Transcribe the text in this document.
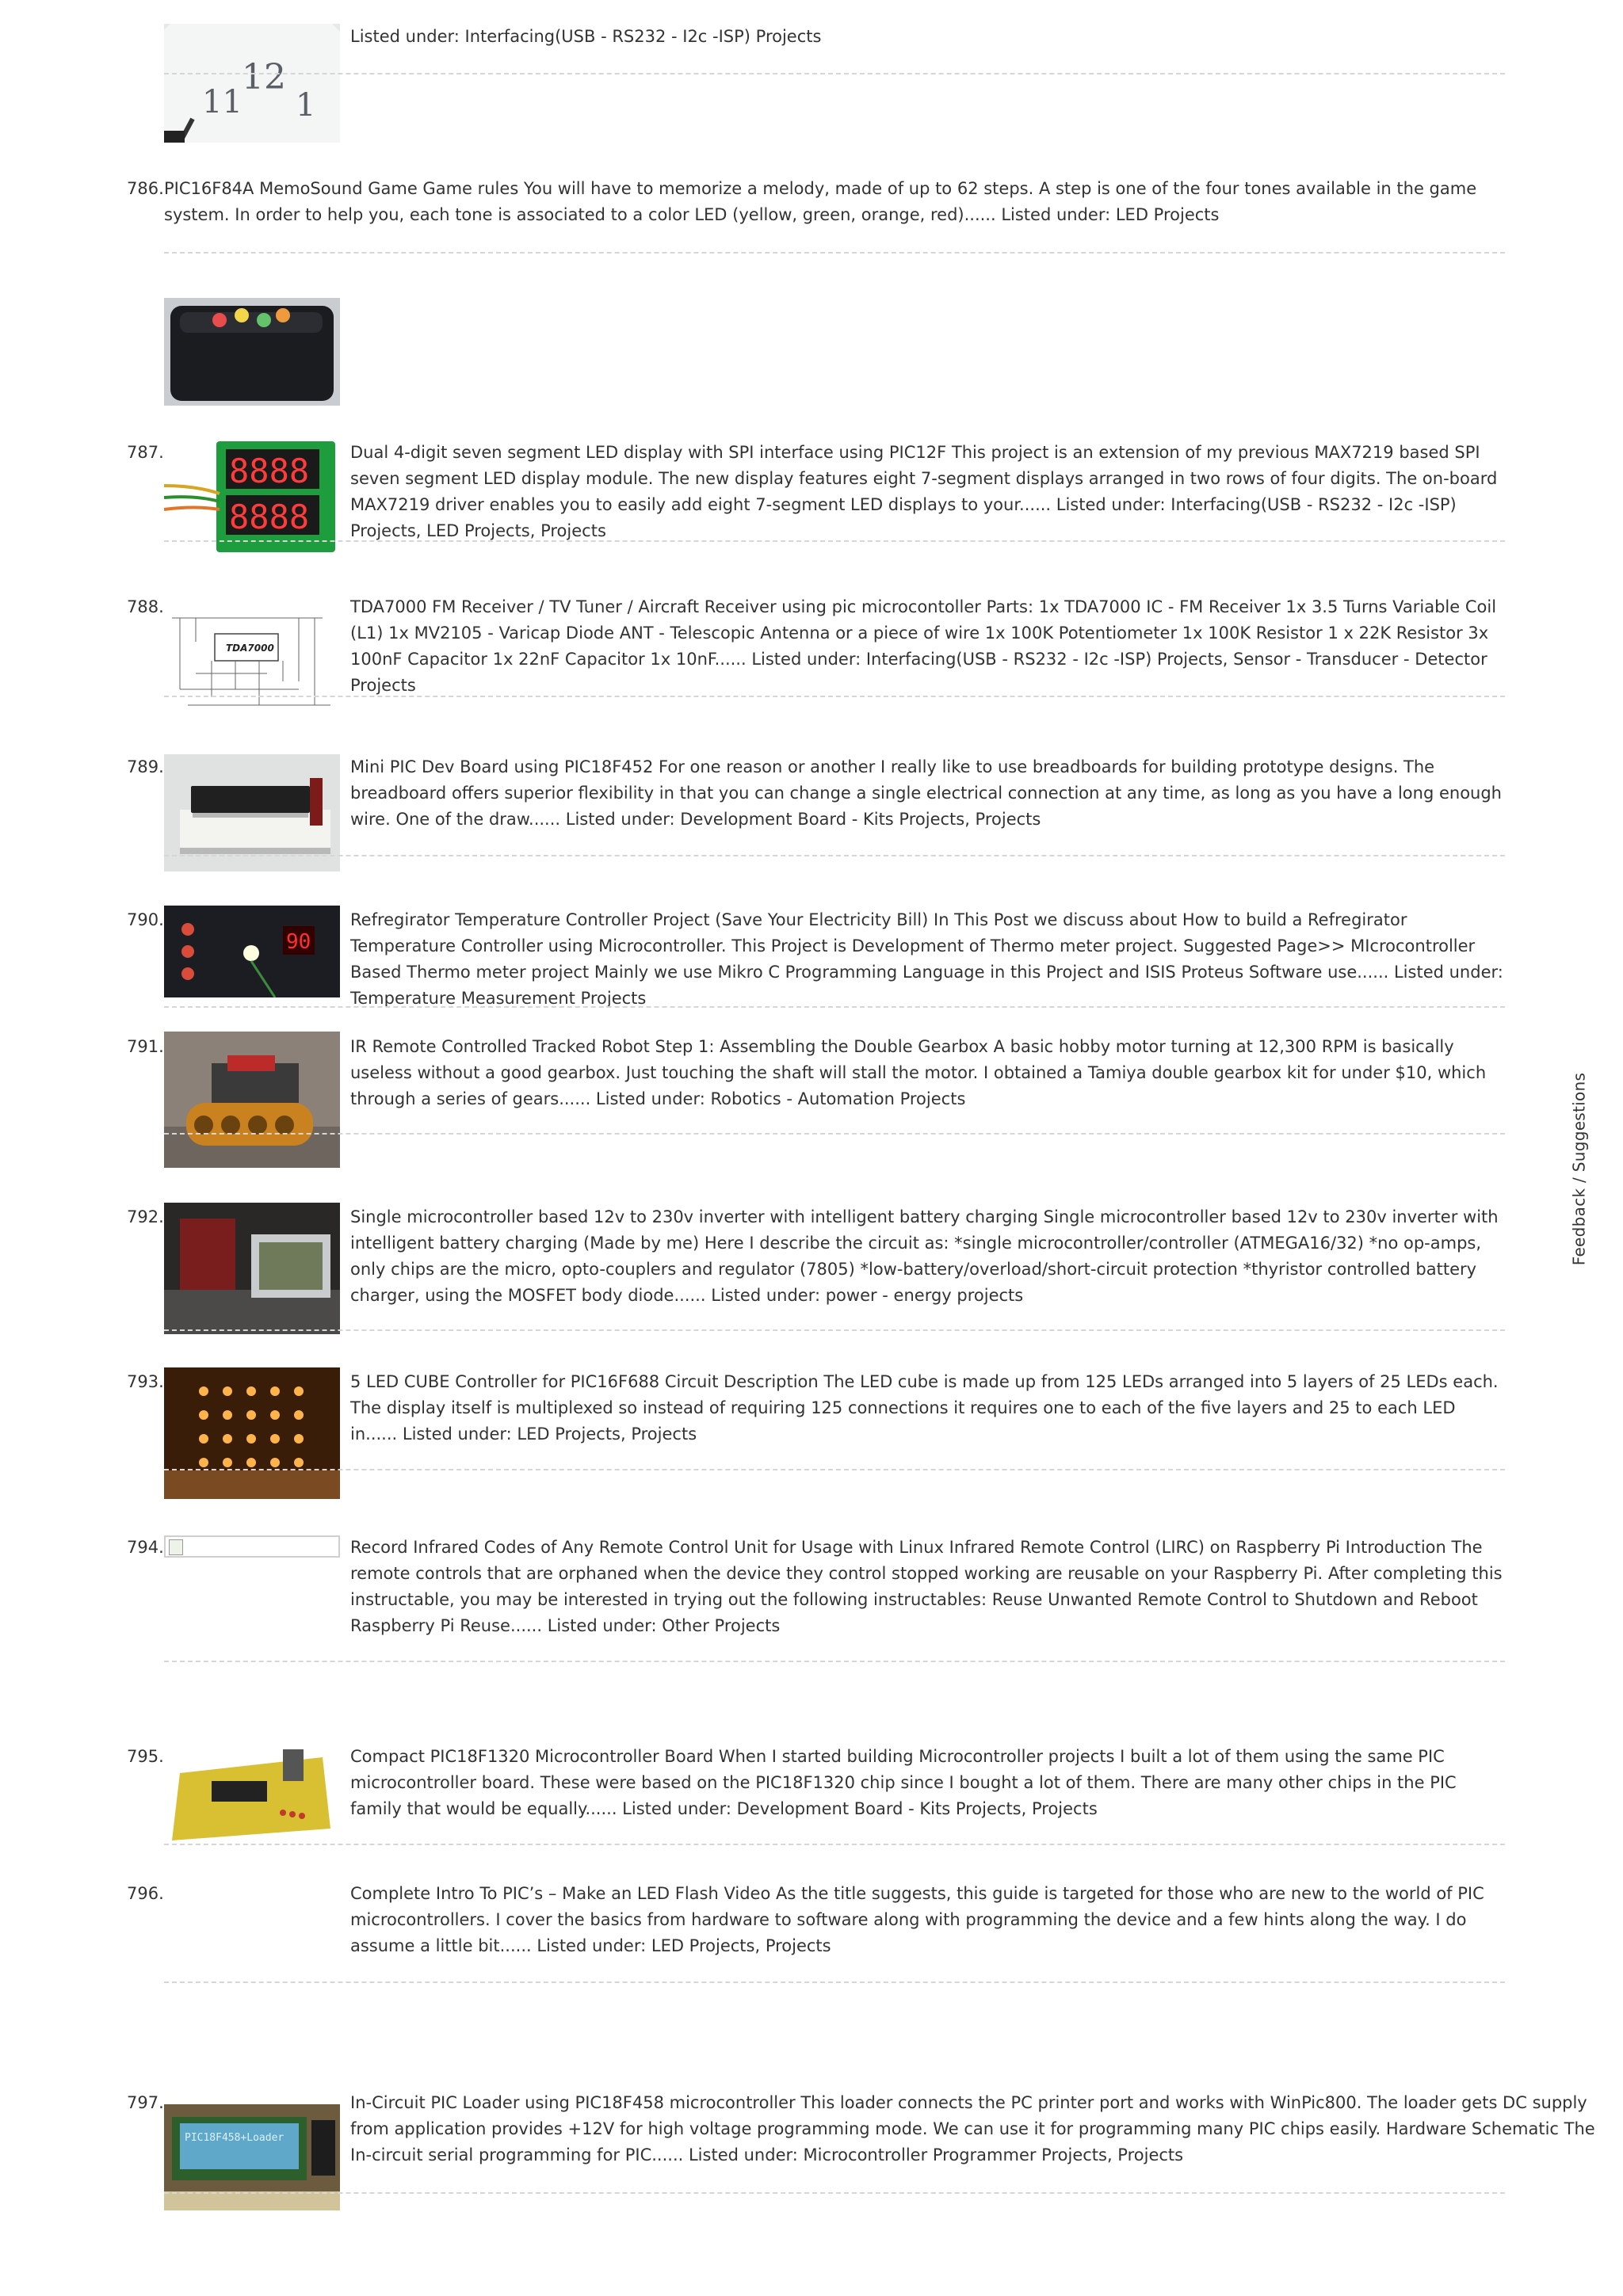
12
11 1
Listed under: Interfacing(USB - RS232 - I2c -ISP) Projects
786. PIC16F84A MemoSound Game Game rules You will have to memorize a melody, made of up to 62 steps. A step is one of the four tones available in the game system. In order to help you, each tone is associated to a color LED (yellow, green, orange, red)...... Listed under: LED Projects
787. 8888
8888
Dual 4-digit seven segment LED display with SPI interface using PIC12F This project is an extension of my previous MAX7219 based SPI seven segment LED display module. The new display features eight 7-segment displays arranged in two rows of four digits. The on-board MAX7219 driver enables you to easily add eight 7-segment LED displays to your...... Listed under: Interfacing(USB - RS232 - I2c -ISP) Projects, LED Projects, Projects
788.
TDA7000
TDA7000 FM Receiver / TV Tuner / Aircraft Receiver using pic microcontoller Parts: 1x TDA7000 IC - FM Receiver 1x 3.5 Turns Variable Coil (L1) 1x MV2105 - Varicap Diode ANT - Telescopic Antenna or a piece of wire 1x 100K Potentiometer 1x 100K Resistor 1 x 22K Resistor 3x 100nF Capacitor 1x 22nF Capacitor 1x 10nF...... Listed under: Interfacing(USB - RS232 - I2c -ISP) Projects, Sensor - Transducer - Detector Projects
789.	Mini PIC Dev Board using PIC18F452 For one reason or another I really like to use breadboards for building prototype designs. The breadboard offers superior flexibility in that you can change a single electrical connection at any time, as long as you have a long enough wire. One of the draw...... Listed under: Development Board - Kits Projects, Projects
790.
90
Refregirator Temperature Controller Project (Save Your Electricity Bill) In This Post we discuss about How to build a Refregirator Temperature Controller using Microcontroller. This Project is Development of Thermo meter project. Suggested Page>> MIcrocontroller Based Thermo meter project Mainly we use Mikro C Programming Language in this Project and ISIS Proteus Software use...... Listed under: Temperature Measurement Projects
791.	IR Remote Controlled Tracked Robot Step 1: Assembling the Double Gearbox A basic hobby motor turning at 12,300 RPM is basically useless without a good gearbox. Just touching the shaft will stall the motor. I obtained a Tamiya double gearbox kit for under $10, which through a series of gears...... Listed under: Robotics - Automation Projects
792.	Single microcontroller based 12v to 230v inverter with intelligent battery charging Single microcontroller based 12v to 230v inverter with intelligent battery charging (Made by me) Here I describe the circuit as: *single microcontroller/controller (ATMEGA16/32) *no op-amps, only chips are the micro, opto-couplers and regulator (7805) *low-battery/overload/short-circuit protection *thyristor controlled battery charger, using the MOSFET body diode...... Listed under: power - energy projects
793.	5 LED CUBE Controller for PIC16F688 Circuit Description The LED cube is made up from 125 LEDs arranged into 5 layers of 25 LEDs each. The display itself is multiplexed so instead of requiring 125 connections it requires one to each of the five layers and 25 to each LED in...... Listed under: LED Projects, Projects
794.	Record Infrared Codes of Any Remote Control Unit for Usage with Linux Infrared Remote Control (LIRC) on Raspberry Pi Introduction The remote controls that are orphaned when the device they control stopped working are reusable on your Raspberry Pi. After completing this instructable, you may be interested in trying out the following instructables: Reuse Unwanted Remote Control to Shutdown and Reboot Raspberry Pi Reuse...... Listed under: Other Projects
795.	Compact PIC18F1320 Microcontroller Board When I started building Microcontroller projects I built a lot of them using the same PIC microcontroller board. These were based on the PIC18F1320 chip since I bought a lot of them. There are many other chips in the PIC family that would be equally...... Listed under: Development Board - Kits Projects, Projects
796.	Complete Intro To PIC’s – Make an LED Flash Video As the title suggests, this guide is targeted for those who are new to the world of PIC microcontrollers. I cover the basics from hardware to software along with programming the device and a few hints along the way. I do assume a little bit...... Listed under: LED Projects, Projects
797.
PIC18F458+Loader
In-Circuit PIC Loader using PIC18F458 microcontroller This loader connects the PC printer port and works with WinPic800. The loader gets DC supply from application provides +12V for high voltage programming mode. We can use it for programming many PIC chips easily. Hardware Schematic The In-circuit serial programming for PIC...... Listed under: Microcontroller Programmer Projects, Projects
Feedback / Suggestions
